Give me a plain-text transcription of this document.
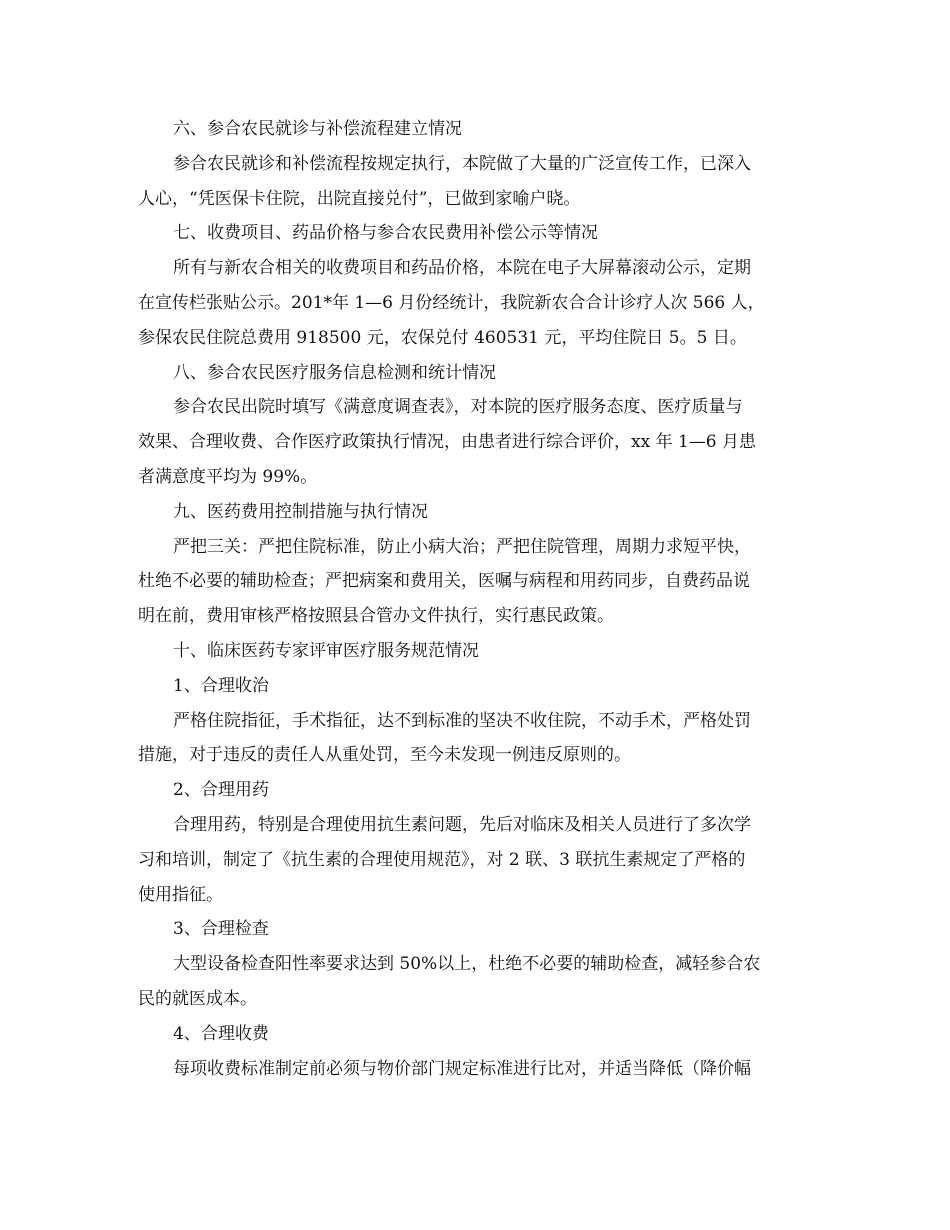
六、参合农民就诊与补偿流程建立情况
参合农民就诊和补偿流程按规定执行，本院做了大量的广泛宣传工作，已深入
人心，“凭医保卡住院，出院直接兑付”，已做到家喻户晓。
七、收费项目、药品价格与参合农民费用补偿公示等情况
所有与新农合相关的收费项目和药品价格，本院在电子大屏幕滚动公示，定期
在宣传栏张贴公示。201*年 1—6 月份经统计，我院新农合合计诊疗人次 566 人，
参保农民住院总费用 918500 元，农保兑付 460531 元，平均住院日 5。5 日。
八、参合农民医疗服务信息检测和统计情况
参合农民出院时填写《满意度调查表》，对本院的医疗服务态度、医疗质量与
效果、合理收费、合作医疗政策执行情况，由患者进行综合评价，xx 年 1—6 月患
者满意度平均为 99%。
九、医药费用控制措施与执行情况
严把三关：严把住院标准，防止小病大治；严把住院管理，周期力求短平快，
杜绝不必要的辅助检查；严把病案和费用关，医嘱与病程和用药同步，自费药品说
明在前，费用审核严格按照县合管办文件执行，实行惠民政策。
十、临床医药专家评审医疗服务规范情况
1、合理收治
严格住院指征，手术指征，达不到标准的坚决不收住院，不动手术，严格处罚
措施，对于违反的责任人从重处罚，至今未发现一例违反原则的。
2、合理用药
合理用药，特别是合理使用抗生素问题，先后对临床及相关人员进行了多次学
习和培训，制定了《抗生素的合理使用规范》，对 2 联、3 联抗生素规定了严格的
使用指征。
3、合理检查
大型设备检查阳性率要求达到 50%以上，杜绝不必要的辅助检查，减轻参合农
民的就医成本。
4、合理收费
每项收费标准制定前必须与物价部门规定标准进行比对，并适当降低（降价幅
